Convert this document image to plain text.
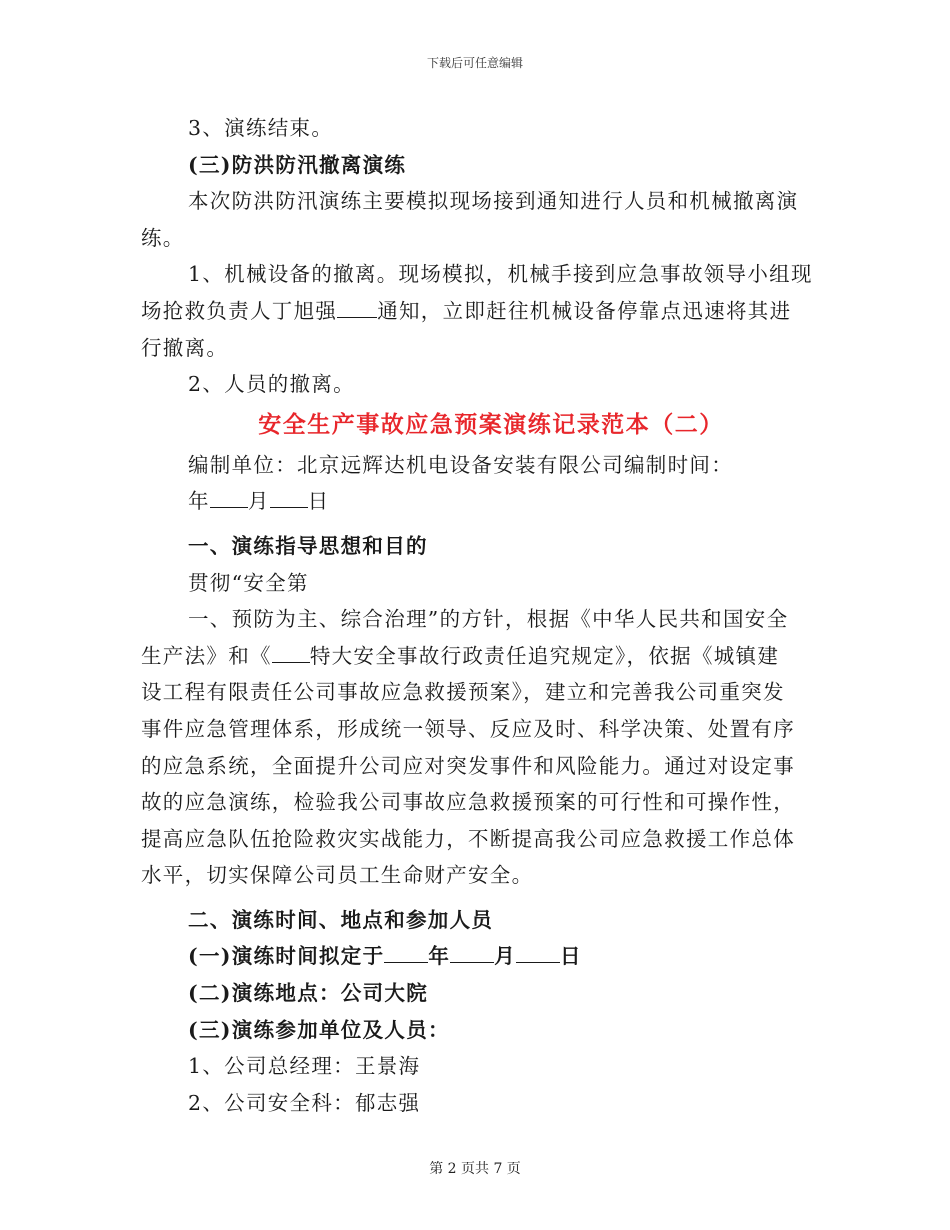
下载后可任意编辑
3、演练结束。
(三)防洪防汛撤离演练
本次防洪防汛演练主要模拟现场接到通知进行人员和机械撤离演
练。
1、机械设备的撤离。现场模拟，机械手接到应急事故领导小组现
场抢救负责人丁旭强 通知，立即赶往机械设备停靠点迅速将其进
行撤离。
2、人员的撤离。
安全生产事故应急预案演练记录范本（二）
编制单位：北京远辉达机电设备安装有限公司编制时间：
年 月 日
一、演练指导思想和目的
贯彻“安全第
一、预防为主、综合治理”的方针，根据《中华人民共和国安全
生产法》和《 特大安全事故行政责任追究规定》，依据《城镇建
设工程有限责任公司事故应急救援预案》，建立和完善我公司重突发
事件应急管理体系，形成统一领导、反应及时、科学决策、处置有序
的应急系统，全面提升公司应对突发事件和风险能力。通过对设定事
故的应急演练，检验我公司事故应急救援预案的可行性和可操作性，
提高应急队伍抢险救灾实战能力，不断提高我公司应急救援工作总体
水平，切实保障公司员工生命财产安全。
二、演练时间、地点和参加人员
(一)演练时间拟定于 年 月 日
(二)演练地点：公司大院
(三)演练参加单位及人员：
1、公司总经理：王景海
2、公司安全科：郁志强
第 2 页共 7 页
